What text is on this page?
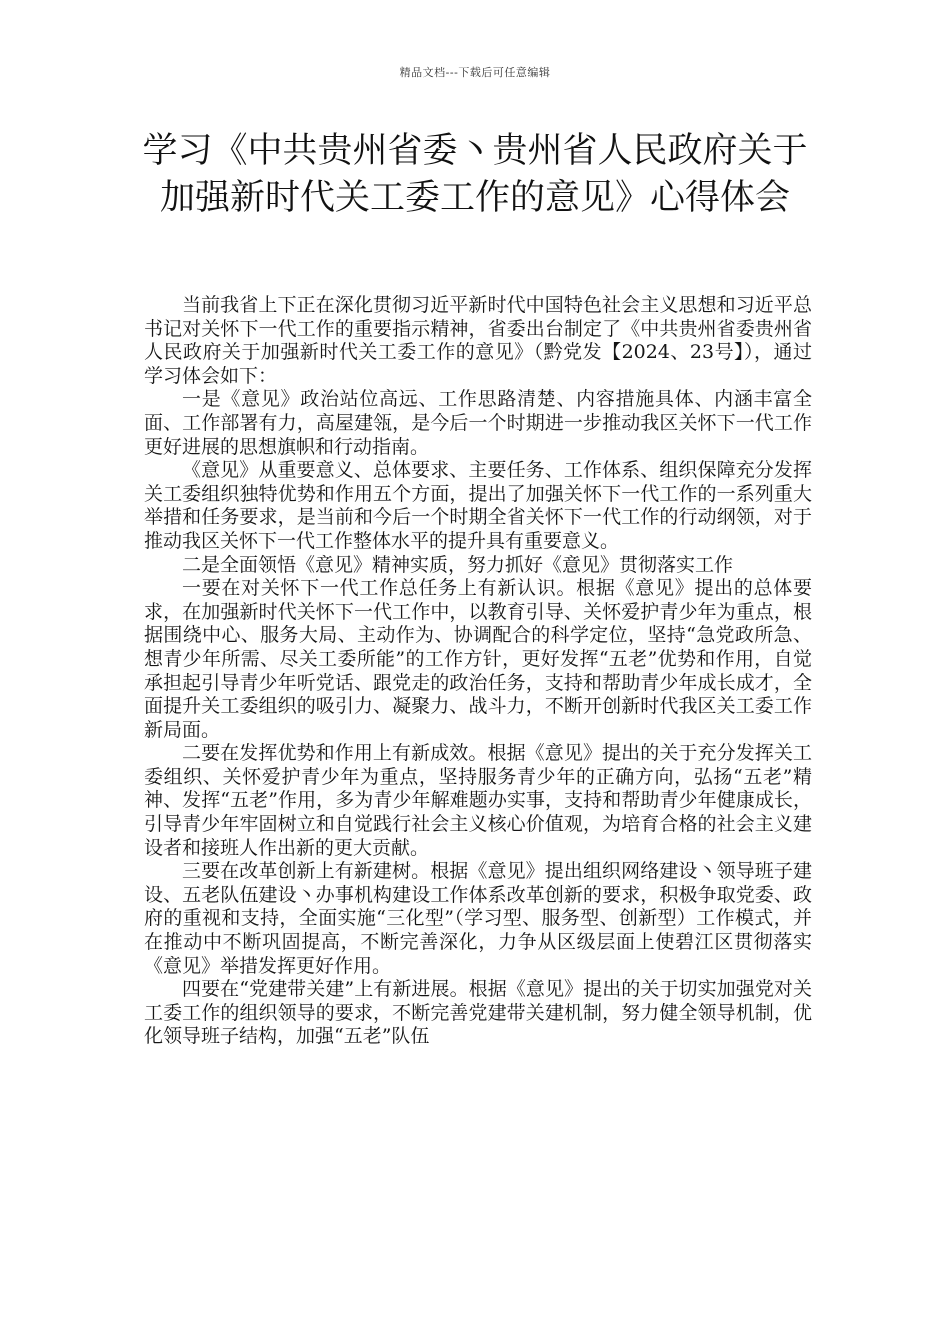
精品文档---下载后可任意编辑
学习《中共贵州省委丶贵州省人民政府关于加强新时代关工委工作的意见》心得体会

当前我省上下正在深化贯彻习近平新时代中国特色社会主义思想和习近平总书记对关怀下一代工作的重要指示精神，省委出台制定了《中共贵州省委贵州省人民政府关于加强新时代关工委工作的意见》（黔党发【2024、23号】），通过学习体会如下：

一是《意见》政治站位高远、工作思路清楚、内容措施具体、内涵丰富全面、工作部署有力，高屋建瓴，是今后一个时期进一步推动我区关怀下一代工作更好进展的思想旗帜和行动指南。

《意见》从重要意义、总体要求、主要任务、工作体系、组织保障充分发挥关工委组织独特优势和作用五个方面，提出了加强关怀下一代工作的一系列重大举措和任务要求，是当前和今后一个时期全省关怀下一代工作的行动纲领，对于推动我区关怀下一代工作整体水平的提升具有重要意义。

二是全面领悟《意见》精神实质，努力抓好《意见》贯彻落实工作

一要在对关怀下一代工作总任务上有新认识。根据《意见》提出的总体要求，在加强新时代关怀下一代工作中，以教育引导、关怀爱护青少年为重点，根据围绕中心、服务大局、主动作为、协调配合的科学定位，坚持“急党政所急、想青少年所需、尽关工委所能”的工作方针，更好发挥“五老”优势和作用，自觉承担起引导青少年听党话、跟党走的政治任务，支持和帮助青少年成长成才，全面提升关工委组织的吸引力、凝聚力、战斗力，不断开创新时代我区关工委工作新局面。

二要在发挥优势和作用上有新成效。根据《意见》提出的关于充分发挥关工委组织、关怀爱护青少年为重点，坚持服务青少年的正确方向，弘扬“五老”精神、发挥“五老”作用，多为青少年解难题办实事，支持和帮助青少年健康成长，引导青少年牢固树立和自觉践行社会主义核心价值观，为培育合格的社会主义建设者和接班人作出新的更大贡献。

三要在改革创新上有新建树。根据《意见》提出组织网络建设丶领导班子建设、五老队伍建设丶办事机构建设工作体系改革创新的要求，积极争取党委、政府的重视和支持，全面实施“三化型”（学习型、服务型、创新型）工作模式，并在推动中不断巩固提高，不断完善深化，力争从区级层面上使碧江区贯彻落实《意见》举措发挥更好作用。

四要在“党建带关建”上有新进展。根据《意见》提出的关于切实加强党对关工委工作的组织领导的要求，不断完善党建带关建机制，努力健全领导机制，优化领导班子结构，加强“五老”队伍
